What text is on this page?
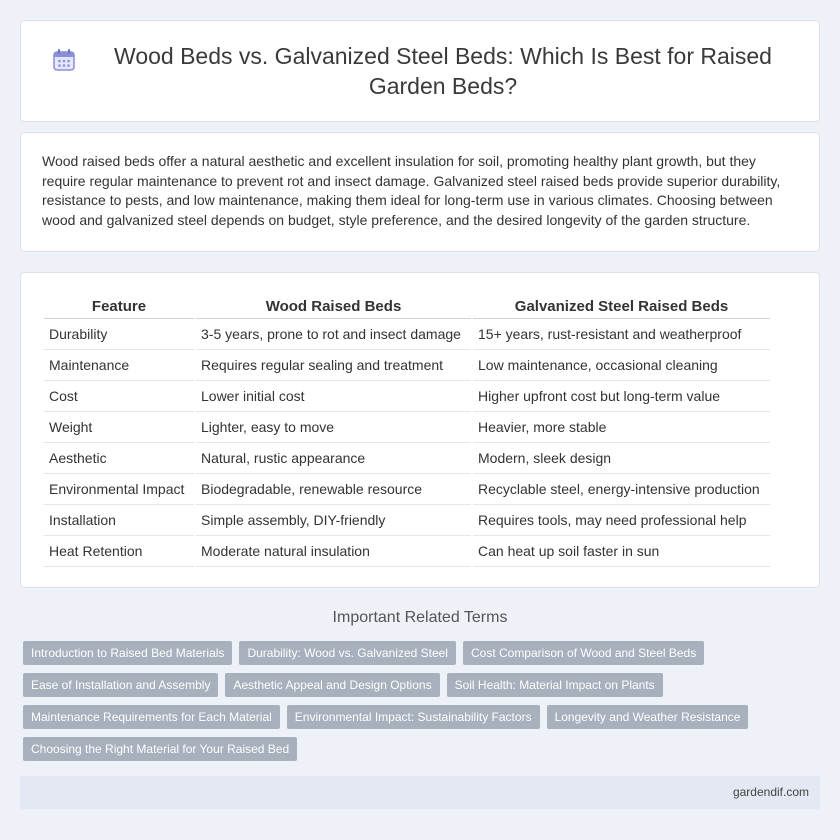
Wood Beds vs. Galvanized Steel Beds: Which Is Best for Raised Garden Beds?

Wood raised beds offer a natural aesthetic and excellent insulation for soil, promoting healthy plant growth, but they require regular maintenance to prevent rot and insect damage. Galvanized steel raised beds provide superior durability, resistance to pests, and low maintenance, making them ideal for long-term use in various climates. Choosing between wood and galvanized steel depends on budget, style preference, and the desired longevity of the garden structure.

Feature	Wood Raised Beds	Galvanized Steel Raised Beds
Durability	3-5 years, prone to rot and insect damage	15+ years, rust-resistant and weatherproof
Maintenance	Requires regular sealing and treatment	Low maintenance, occasional cleaning
Cost	Lower initial cost	Higher upfront cost but long-term value
Weight	Lighter, easy to move	Heavier, more stable
Aesthetic	Natural, rustic appearance	Modern, sleek design
Environmental Impact	Biodegradable, renewable resource	Recyclable steel, energy-intensive production
Installation	Simple assembly, DIY-friendly	Requires tools, may need professional help
Heat Retention	Moderate natural insulation	Can heat up soil faster in sun
Important Related Terms
Introduction to Raised Bed Materials	Durability: Wood vs. Galvanized Steel	Cost Comparison of Wood and Steel Beds
Ease of Installation and Assembly	Aesthetic Appeal and Design Options	Soil Health: Material Impact on Plants
Maintenance Requirements for Each Material	Environmental Impact: Sustainability Factors	Longevity and Weather Resistance
Choosing the Right Material for Your Raised Bed
gardendif.com
